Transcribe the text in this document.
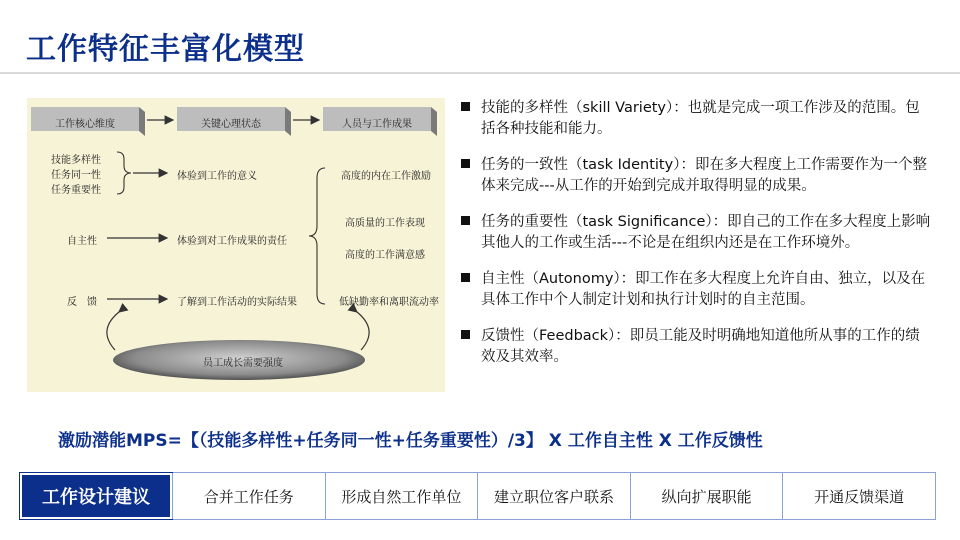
工作特征丰富化模型
工作核心维度	关键心理状态	人员与工作成果
技能多样性
任务同一性
任务重要性
自主性
反　馈
体验到工作的意义
体验到对工作成果的责任
了解到工作活动的实际结果
高度的内在工作激励
高质量的工作表现
高度的工作满意感
低缺勤率和离职流动率
员工成长需要强度
技能的多样性（skill Variety）：也就是完成一项工作涉及的范围。包括各种技能和能力。
任务的一致性（task Identity）：即在多大程度上工作需要作为一个整体来完成---从工作的开始到完成并取得明显的成果。
任务的重要性（task Significance）：即自己的工作在多大程度上影响其他人的工作或生活---不论是在组织内还是在工作环境外。
自主性（Autonomy）：即工作在多大程度上允许自由、独立，以及在具体工作中个人制定计划和执行计划时的自主范围。
反馈性（Feedback）：即员工能及时明确地知道他所从事的工作的绩效及其效率。
激励潜能MPS=【（技能多样性+任务同一性+任务重要性）/3】 X 工作自主性 X 工作反馈性
工作设计建议	合并工作任务	形成自然工作单位	建立职位客户联系	纵向扩展职能	开通反馈渠道
